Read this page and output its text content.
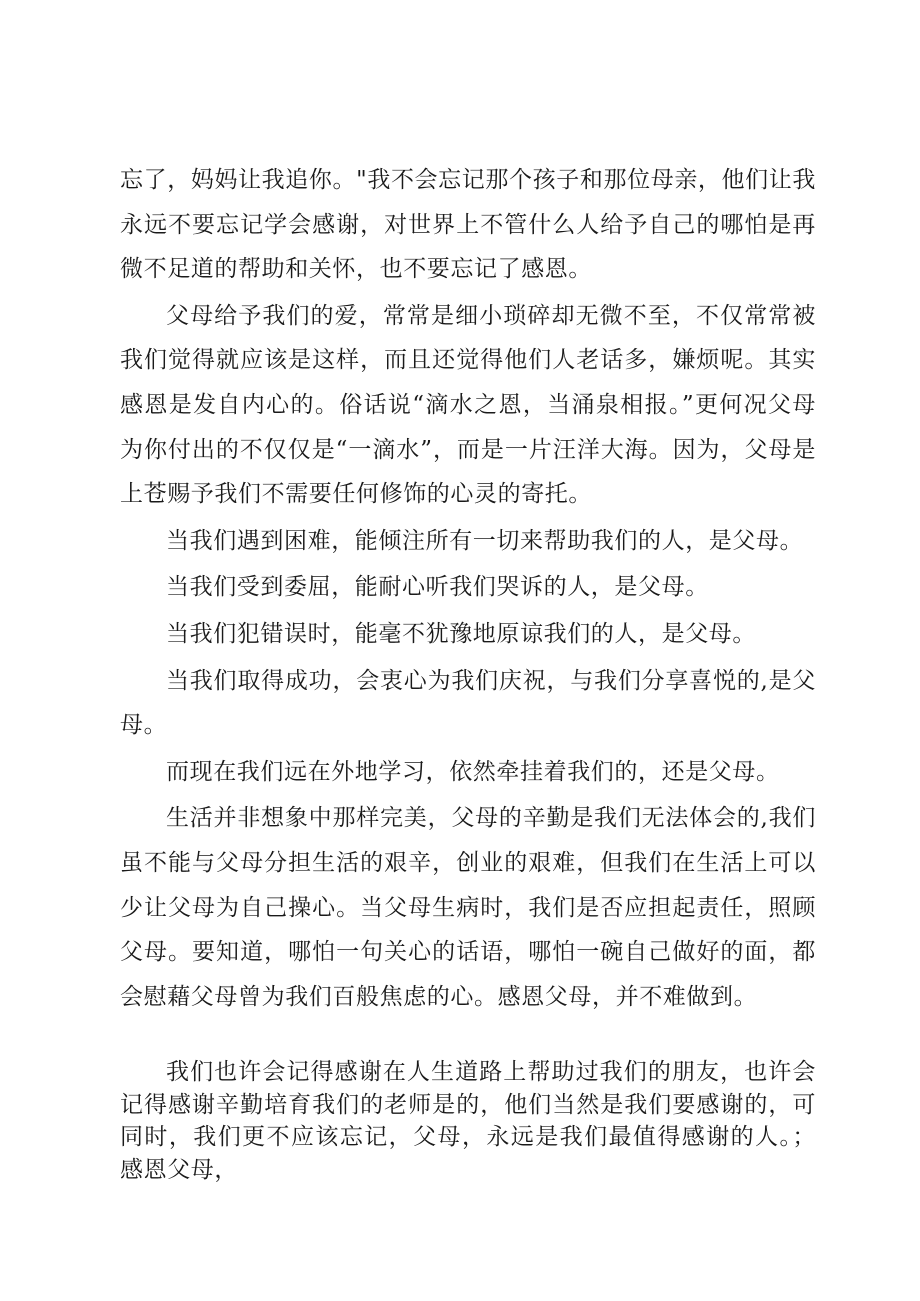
忘了，妈妈让我追你。"我不会忘记那个孩子和那位母亲，他们让我永远不要忘记学会感谢，对世界上不管什么人给予自己的哪怕是再微不足道的帮助和关怀，也不要忘记了感恩。

父母给予我们的爱，常常是细小琐碎却无微不至，不仅常常被我们觉得就应该是这样，而且还觉得他们人老话多，嫌烦呢。其实感恩是发自内心的。俗话说“滴水之恩，当涌泉相报。”更何况父母为你付出的不仅仅是“一滴水”，而是一片汪洋大海。因为，父母是上苍赐予我们不需要任何修饰的心灵的寄托。

当我们遇到困难，能倾注所有一切来帮助我们的人，是父母。

当我们受到委屈，能耐心听我们哭诉的人，是父母。

当我们犯错误时，能毫不犹豫地原谅我们的人，是父母。

当我们取得成功，会衷心为我们庆祝，与我们分享喜悦的,是父母。

而现在我们远在外地学习，依然牵挂着我们的，还是父母。

生活并非想象中那样完美，父母的辛勤是我们无法体会的,我们虽不能与父母分担生活的艰辛，创业的艰难，但我们在生活上可以少让父母为自己操心。当父母生病时，我们是否应担起责任，照顾父母。要知道，哪怕一句关心的话语，哪怕一碗自己做好的面，都会慰藉父母曾为我们百般焦虑的心。感恩父母，并不难做到。

我们也许会记得感谢在人生道路上帮助过我们的朋友，也许会记得感谢辛勤培育我们的老师是的，他们当然是我们要感谢的，可同时，我们更不应该忘记，父母，永远是我们最值得感谢的人。；感恩父母，
